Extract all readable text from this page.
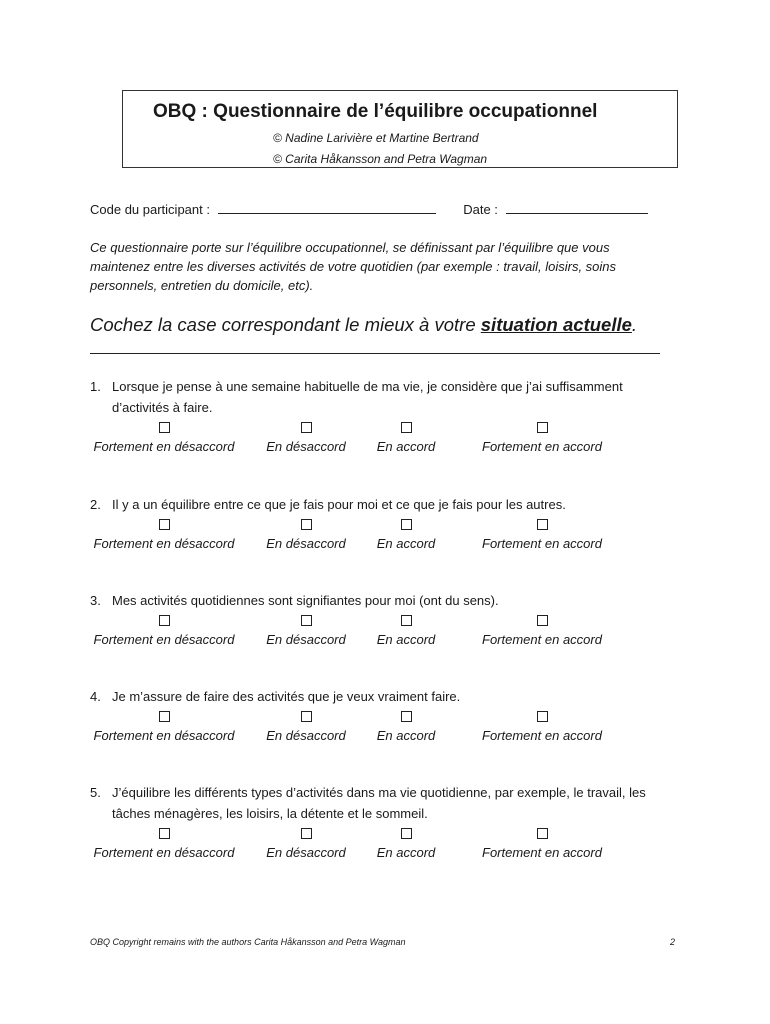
OBQ : Questionnaire de l’équilibre occupationnel
© Nadine Larivière et Martine Bertrand
© Carita Håkansson and Petra Wagman
Code du participant :	Date :
Ce questionnaire porte sur l’équilibre occupationnel, se définissant par l’équilibre que vous maintenez entre les diverses activités de votre quotidien (par exemple : travail, loisirs, soins personnels, entretien du domicile, etc).
Cochez la case correspondant le mieux à votre situation actuelle.
1. Lorsque je pense à une semaine habituelle de ma vie, je considère que j’ai suffisamment d’activités à faire.
Fortement en désaccord En désaccord En accord	Fortement en accord
2. Il y a un équilibre entre ce que je fais pour moi et ce que je fais pour les autres.
Fortement en désaccord En désaccord En accord	Fortement en accord
3. Mes activités quotidiennes sont signifiantes pour moi (ont du sens).
Fortement en désaccord En désaccord En accord	Fortement en accord
4. Je m’assure de faire des activités que je veux vraiment faire.
Fortement en désaccord En désaccord En accord	Fortement en accord
5. J’équilibre les différents types d’activités dans ma vie quotidienne, par exemple, le travail, les tâches ménagères, les loisirs, la détente et le sommeil.
Fortement en désaccord En désaccord En accord	Fortement en accord
OBQ Copyright remains with the authors Carita Håkansson and Petra Wagman	2
